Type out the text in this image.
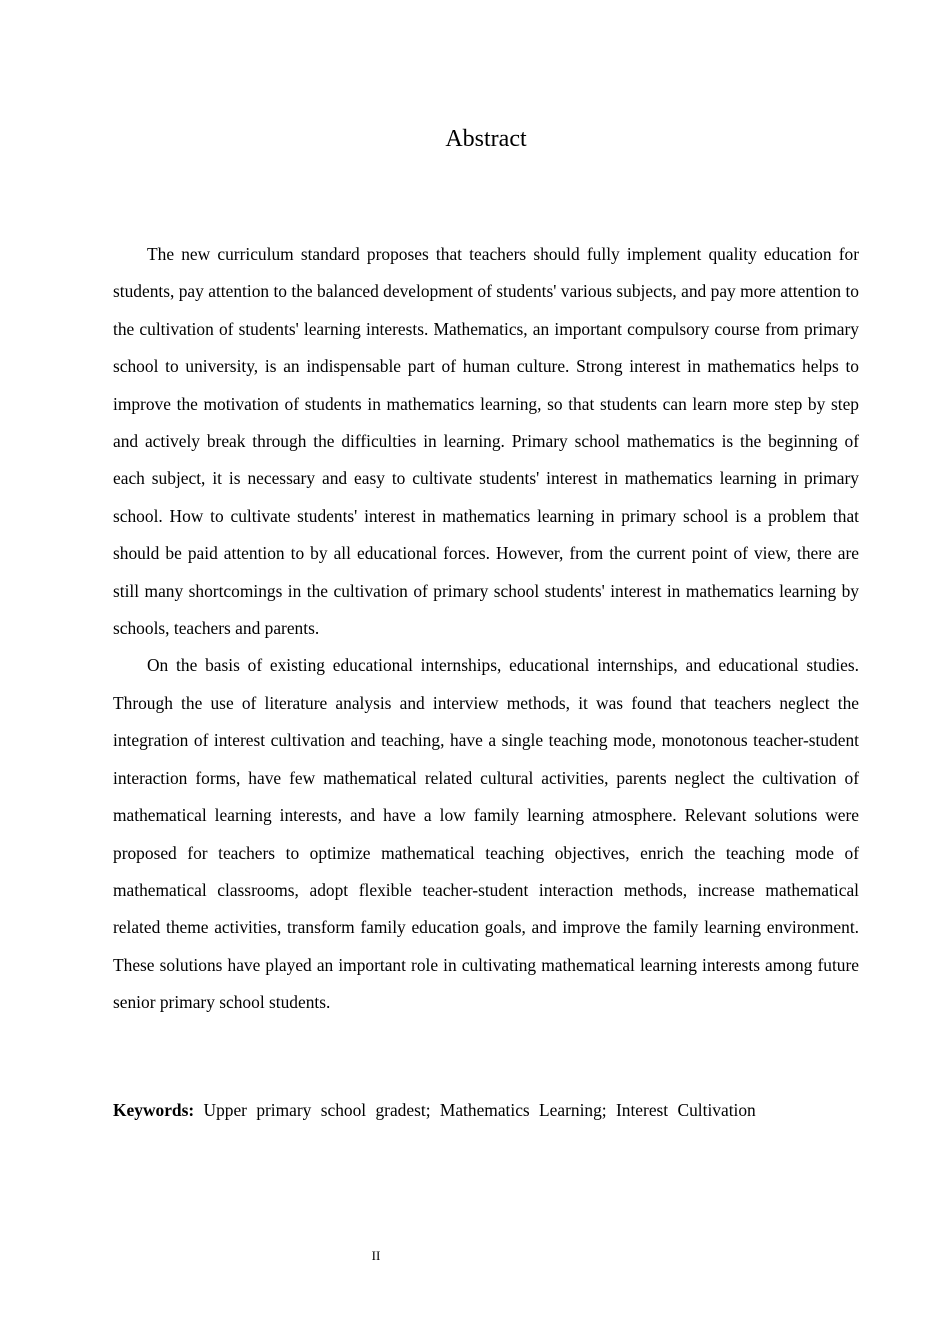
Abstract

The new curriculum standard proposes that teachers should fully implement quality education for students, pay attention to the balanced development of students' various subjects, and pay more attention to the cultivation of students' learning interests. Mathematics, an important compulsory course from primary school to university, is an indispensable part of human culture. Strong interest in mathematics helps to improve the motivation of students in mathematics learning, so that students can learn more step by step and actively break through the difficulties in learning. Primary school mathematics is the beginning of each subject, it is necessary and easy to cultivate students' interest in mathematics learning in primary school. How to cultivate students' interest in mathematics learning in primary school is a problem that should be paid attention to by all educational forces. However, from the current point of view, there are still many shortcomings in the cultivation of primary school students' interest in mathematics learning by schools, teachers and parents.

On the basis of existing educational internships, educational internships, and educational studies. Through the use of literature analysis and interview methods, it was found that teachers neglect the integration of interest cultivation and teaching, have a single teaching mode, monotonous teacher-student interaction forms, have few mathematical related cultural activities, parents neglect the cultivation of mathematical learning interests, and have a low family learning atmosphere. Relevant solutions were proposed for teachers to optimize mathematical teaching objectives, enrich the teaching mode of mathematical classrooms, adopt flexible teacher-student interaction methods, increase mathematical related theme activities, transform family education goals, and improve the family learning environment. These solutions have played an important role in cultivating mathematical learning interests among future senior primary school students.

Keywords: Upper primary school gradest; Mathematics Learning; Interest Cultivation

II
